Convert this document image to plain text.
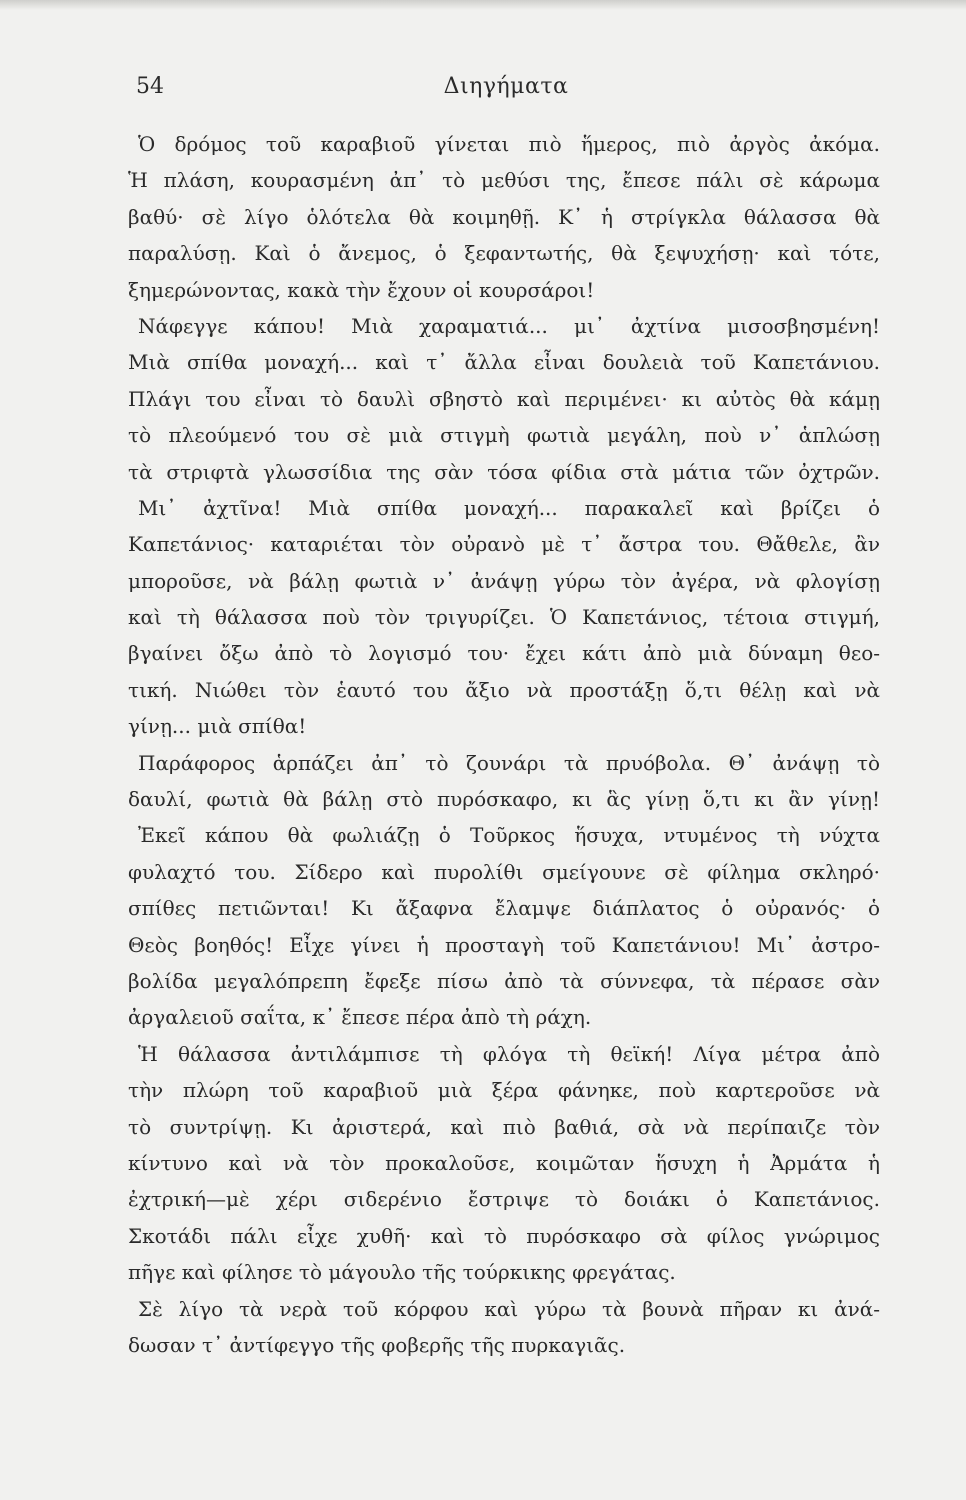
Διηγήματα
54
Ὁ δρόμος τοῦ καραβιοῦ γίνεται πιὸ ἥμερος, πιὸ ἀργὸς ἀκόμα.
Ἡ πλάση, κουρασμένη ἀπ᾽ τὸ μεθύσι της, ἔπεσε πάλι σὲ κάρωμα
βαθύ· σὲ λίγο ὁλότελα θὰ κοιμηθῇ. Κ᾽ ἡ στρίγκλα θάλασσα θὰ
παραλύσῃ. Καὶ ὁ ἄνεμος, ὁ ξεφαντωτής, θὰ ξεψυχήσῃ· καὶ τότε,
ξημερώνοντας, κακὰ τὴν ἔχουν οἱ κουρσάροι!
Νάφεγγε κάπου! Μιὰ χαραματιά... μι᾽ ἀχτίνα μισοσβησμένη!
Μιὰ σπίθα μοναχή... καὶ τ᾽ ἄλλα εἶναι δουλειὰ τοῦ Καπετάνιου.
Πλάγι του εἶναι τὸ δαυλὶ σβηστὸ καὶ περιμένει· κι αὐτὸς θὰ κάμῃ
τὸ πλεούμενό του σὲ μιὰ στιγμὴ φωτιὰ μεγάλη, ποὺ ν᾽ ἁπλώσῃ
τὰ στριφτὰ γλωσσίδια της σὰν τόσα φίδια στὰ μάτια τῶν ὀχτρῶν.
Μι᾽ ἀχτῖνα! Μιὰ σπίθα μοναχή... παρακαλεῖ καὶ βρίζει ὁ
Καπετάνιος· καταριέται τὸν οὐρανὸ μὲ τ᾽ ἄστρα του. Θἄθελε, ἂν
μποροῦσε, νὰ βάλῃ φωτιὰ ν᾽ ἀνάψῃ γύρω τὸν ἀγέρα, νὰ φλογίσῃ
καὶ τὴ θάλασσα ποὺ τὸν τριγυρίζει. Ὁ Καπετάνιος, τέτοια στιγμή,
βγαίνει ὄξω ἀπὸ τὸ λογισμό του· ἔχει κάτι ἀπὸ μιὰ δύναμη θεο-
τική. Νιώθει τὸν ἑαυτό του ἄξιο νὰ προστάξῃ ὅ,τι θέλῃ καὶ νὰ
γίνῃ... μιὰ σπίθα!
Παράφορος ἁρπάζει ἀπ᾽ τὸ ζουνάρι τὰ πρυόβολα. Θ᾽ ἀνάψῃ τὸ
δαυλί, φωτιὰ θὰ βάλῃ στὸ πυρόσκαφο, κι ἃς γίνῃ ὅ,τι κι ἂν γίνῃ!
Ἐκεῖ κάπου θὰ φωλιάζῃ ὁ Τοῦρκος ἥσυχα, ντυμένος τὴ νύχτα
φυλαχτό του. Σίδερο καὶ πυρολίθι σμείγουνε σὲ φίλημα σκληρό·
σπίθες πετιῶνται! Κι ἄξαφνα ἔλαμψε διάπλατος ὁ οὐρανός· ὁ
Θεὸς βοηθός! Εἶχε γίνει ἡ προσταγὴ τοῦ Καπετάνιου! Μι᾽ ἀστρο-
βολίδα μεγαλόπρεπη ἔφεξε πίσω ἀπὸ τὰ σύννεφα, τὰ πέρασε σὰν
ἀργαλειοῦ σαΐτα, κ᾽ ἔπεσε πέρα ἀπὸ τὴ ράχη.
Ἡ θάλασσα ἀντιλάμπισε τὴ φλόγα τὴ θεϊκή! Λίγα μέτρα ἀπὸ
τὴν πλώρη τοῦ καραβιοῦ μιὰ ξέρα φάνηκε, ποὺ καρτεροῦσε νὰ
τὸ συντρίψῃ. Κι ἀριστερά, καὶ πιὸ βαθιά, σὰ νὰ περίπαιζε τὸν
κίντυνο καὶ νὰ τὸν προκαλοῦσε, κοιμῶταν ἥσυχη ἡ Ἀρμάτα ἡ
ἐχτρική—μὲ χέρι σιδερένιο ἔστριψε τὸ δοιάκι ὁ Καπετάνιος.
Σκοτάδι πάλι εἶχε χυθῆ· καὶ τὸ πυρόσκαφο σὰ φίλος γνώριμος
πῆγε καὶ φίλησε τὸ μάγουλο τῆς τούρκικης φρεγάτας.
Σὲ λίγο τὰ νερὰ τοῦ κόρφου καὶ γύρω τὰ βουνὰ πῆραν κι ἀνά-
δωσαν τ᾽ ἀντίφεγγο τῆς φοβερῆς τῆς πυρκαγιᾶς.
